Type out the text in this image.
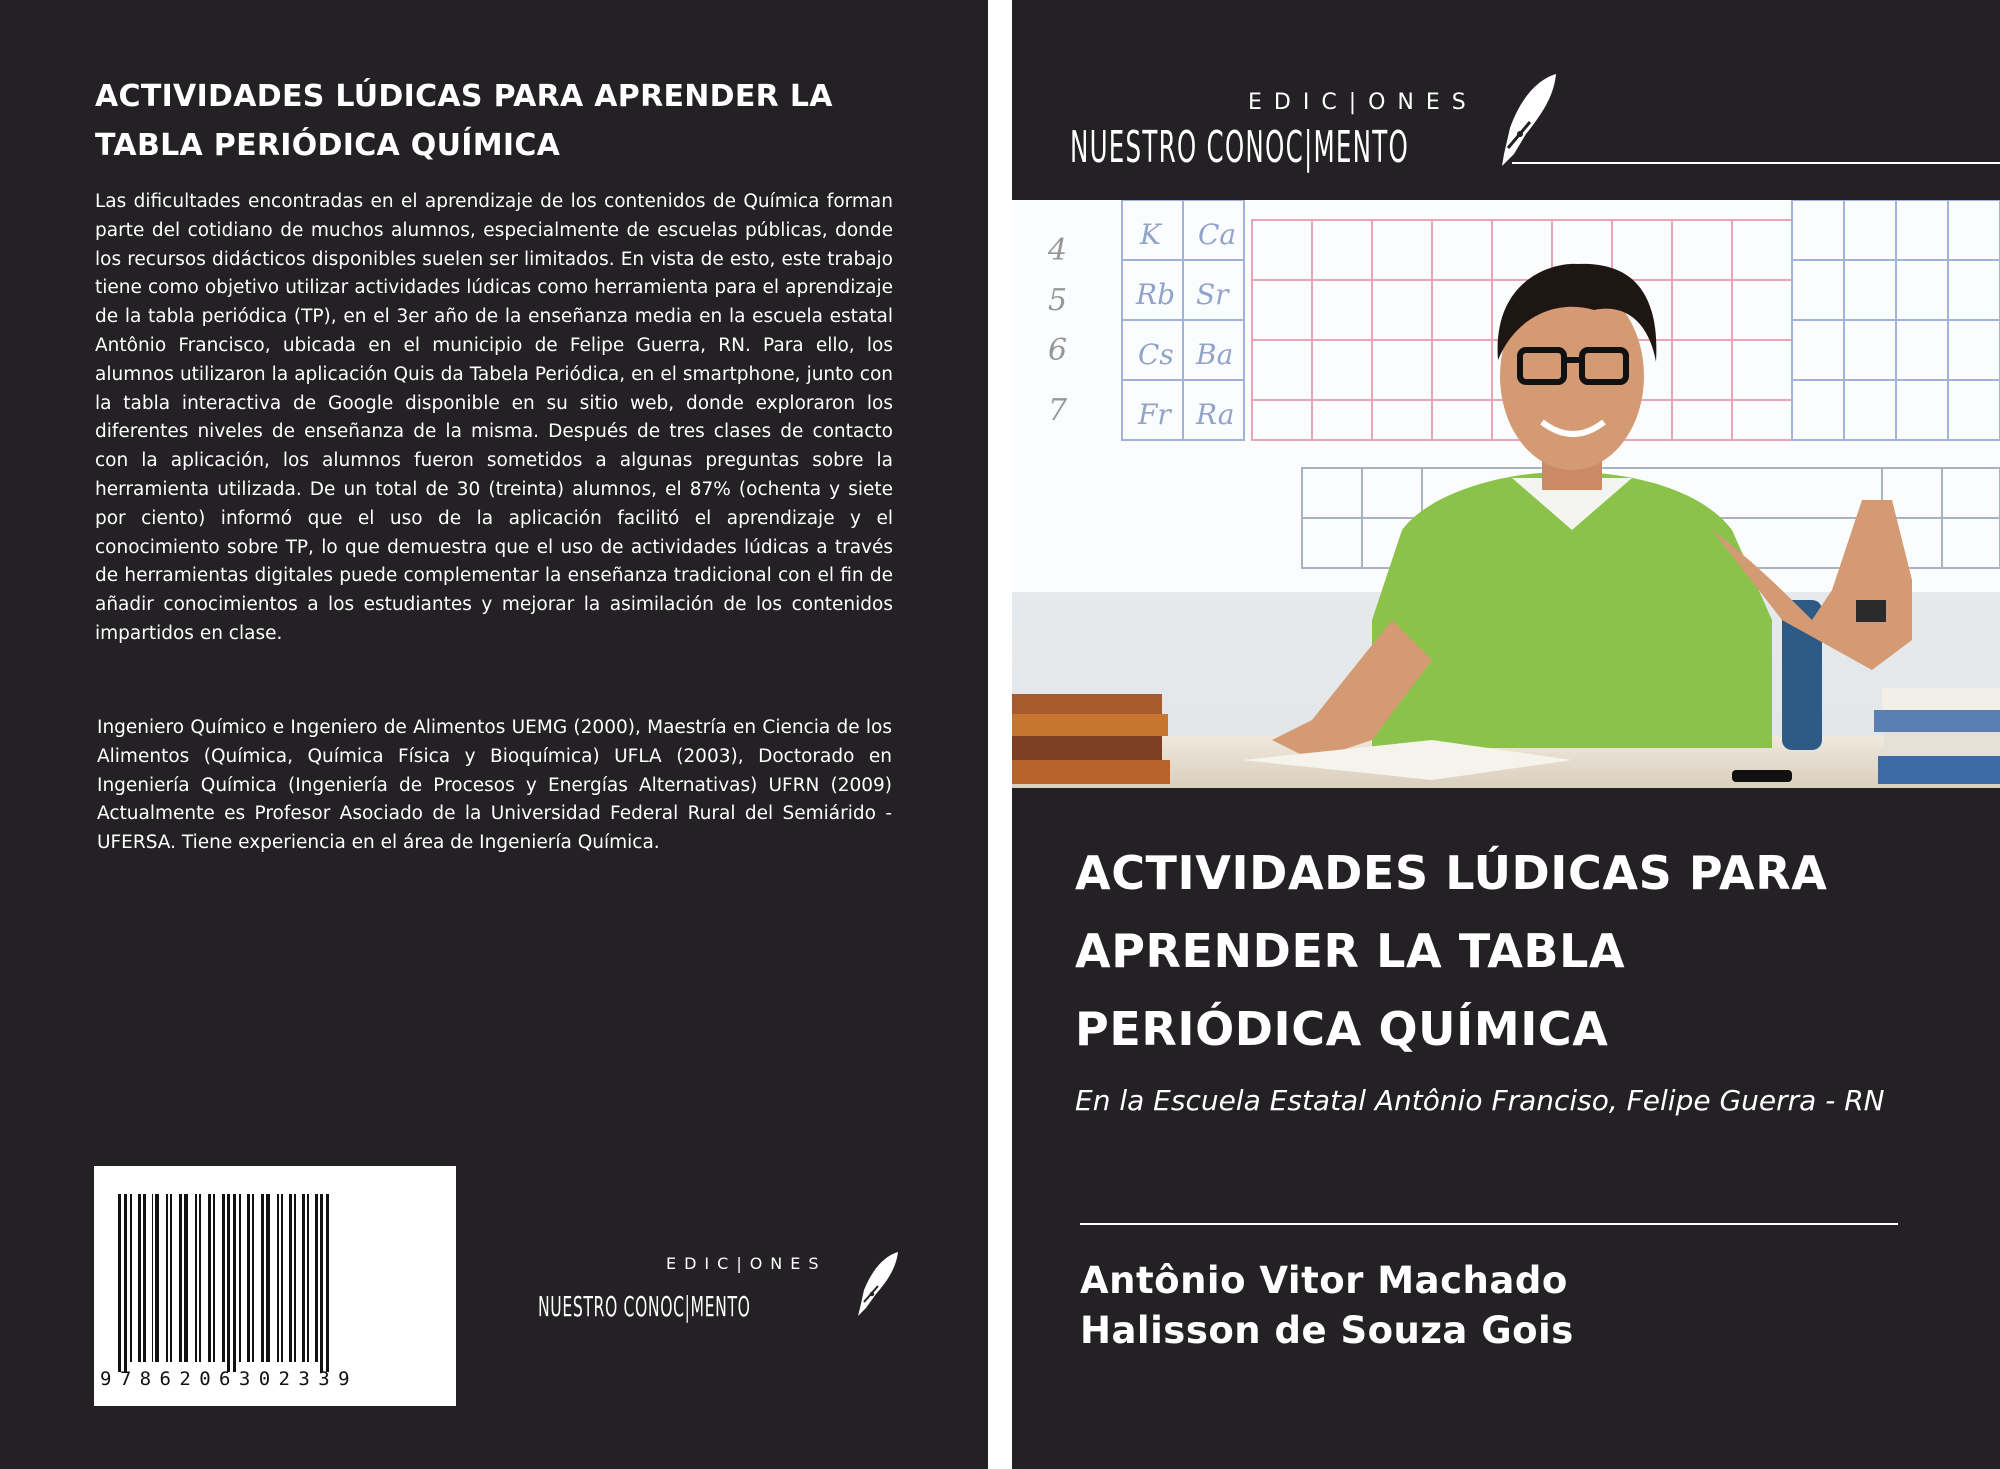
ACTIVIDADES LÚDICAS PARA APRENDER LA
TABLA PERIÓDICA QUÍMICA
Las dificultades encontradas en el aprendizaje de los contenidos de Química forman parte del cotidiano de muchos alumnos, especialmente de escuelas públicas, donde los recursos didácticos disponibles suelen ser limitados. En vista de esto, este trabajo tiene como objetivo utilizar actividades lúdicas como herramienta para el aprendizaje de la tabla periódica (TP), en el 3er año de la enseñanza media en la escuela estatal Antônio Francisco, ubicada en el municipio de Felipe Guerra, RN. Para ello, los alumnos utilizaron la aplicación Quis da Tabela Periódica, en el smartphone, junto con la tabla interactiva de Google disponible en su sitio web, donde exploraron los diferentes niveles de enseñanza de la misma. Después de tres clases de contacto con la aplicación, los alumnos fueron sometidos a algunas preguntas sobre la herramienta utilizada. De un total de 30 (treinta) alumnos, el 87% (ochenta y siete por ciento) informó que el uso de la aplicación facilitó el aprendizaje y el conocimiento sobre TP, lo que demuestra que el uso de actividades lúdicas a través de herramientas digitales puede complementar la enseñanza tradicional con el fin de añadir conocimientos a los estudiantes y mejorar la asimilación de los contenidos impartidos en clase.
Ingeniero Químico e Ingeniero de Alimentos UEMG (2000), Maestría en Ciencia de los Alimentos (Química, Química Física y Bioquímica) UFLA (2003), Doctorado en Ingeniería Química (Ingeniería de Procesos y Energías Alternativas) UFRN (2009) Actualmente es Profesor Asociado de la Universidad Federal Rural del Semiárido - UFERSA. Tiene experiencia en el área de Ingeniería Química.
9786206302339
EDIC|ONES
NUESTRO CONOC|MENTO
EDIC|ONES
NUESTRO CONOC|MENTO
K Ca
Rb Sr
Cs Ba
Fr Ra
4
5
6
7
ACTIVIDADES LÚDICAS PARA
APRENDER LA TABLA
PERIÓDICA QUÍMICA
En la Escuela Estatal Antônio Franciso, Felipe Guerra - RN
Antônio Vitor Machado
Halisson de Souza Gois
